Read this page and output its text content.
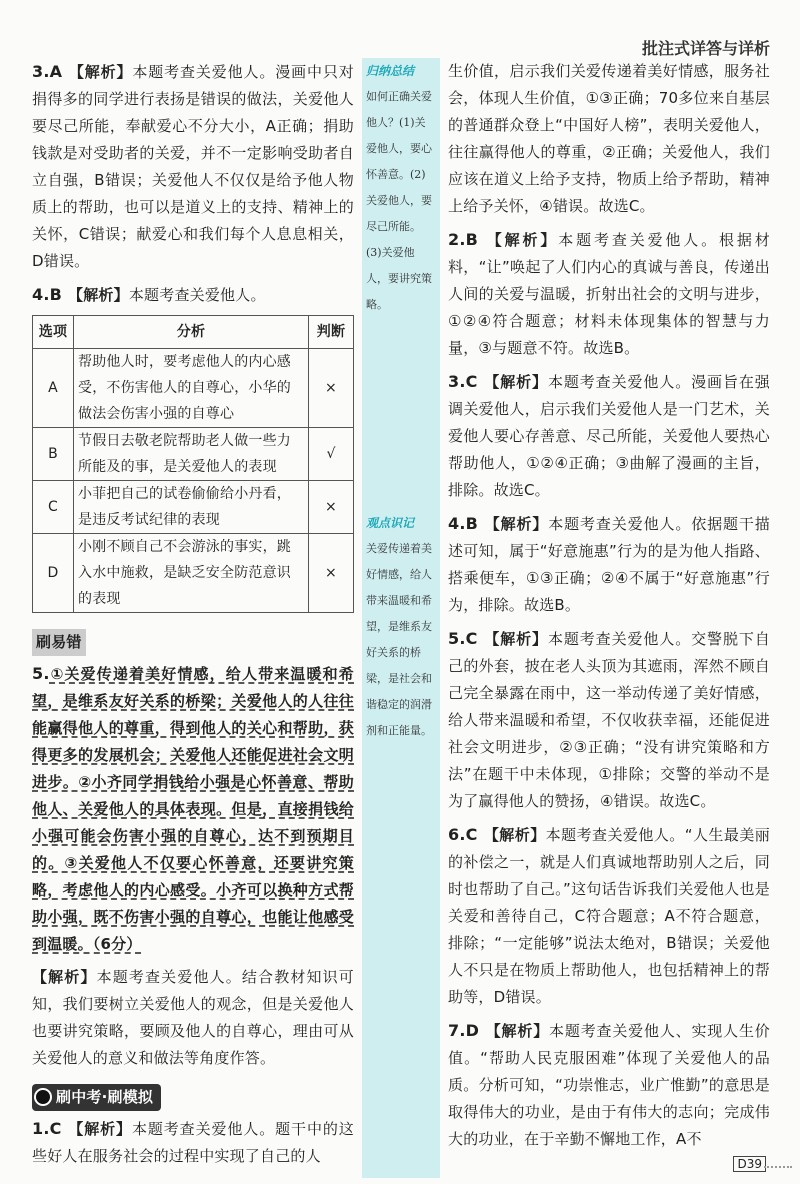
批注式详答与详析
3.A 【解析】本题考查关爱他人。漫画中只对捐得多的同学进行表扬是错误的做法，关爱他人要尽己所能，奉献爱心不分大小，A正确；捐助钱款是对受助者的关爱，并不一定影响受助者自立自强，B错误；关爱他人不仅仅是给予他人物质上的帮助，也可以是道义上的支持、精神上的关怀，C错误；献爱心和我们每个人息息相关，D错误。
4.B 【解析】本题考查关爱他人。
选项	分析	判断
A	帮助他人时，要考虑他人的内心感受，不伤害他人的自尊心，小华的做法会伤害小强的自尊心	×
B	节假日去敬老院帮助老人做一些力所能及的事，是关爱他人的表现	√
C	小菲把自己的试卷偷偷给小丹看，是违反考试纪律的表现	×
D	小刚不顾自己不会游泳的事实，跳入水中施救，是缺乏安全防范意识的表现	×
刷易错
5.①关爱传递着美好情感，给人带来温暖和希望，是维系友好关系的桥梁；关爱他人的人往往能赢得他人的尊重，得到他人的关心和帮助，获得更多的发展机会；关爱他人还能促进社会文明进步。②小齐同学捐钱给小强是心怀善意、帮助他人、关爱他人的具体表现。但是，直接捐钱给小强可能会伤害小强的自尊心，达不到预期目的。③关爱他人不仅要心怀善意，还要讲究策略，考虑他人的内心感受。小齐可以换种方式帮助小强，既不伤害小强的自尊心，也能让他感受到温暖。（6分）
【解析】本题考查关爱他人。结合教材知识可知，我们要树立关爱他人的观念，但是关爱他人也要讲究策略，要顾及他人的自尊心，理由可从关爱他人的意义和做法等角度作答。
刷中考·刷模拟
1.C 【解析】本题考查关爱他人。题干中的这些好人在服务社会的过程中实现了自己的人
归纳总结
如何正确关爱他人？(1)关爱他人，要心怀善意。(2)关爱他人，要尽己所能。(3)关爱他人，要讲究策略。
观点识记
关爱传递着美好情感，给人带来温暖和希望，是维系友好关系的桥梁，是社会和谐稳定的润滑剂和正能量。
生价值，启示我们关爱传递着美好情感，服务社会，体现人生价值，①③正确；70多位来自基层的普通群众登上“中国好人榜”，表明关爱他人，往往赢得他人的尊重，②正确；关爱他人，我们应该在道义上给予支持，物质上给予帮助，精神上给予关怀，④错误。故选C。
2.B 【解析】本题考查关爱他人。根据材料，“让”唤起了人们内心的真诚与善良，传递出人间的关爱与温暖，折射出社会的文明与进步，①②④符合题意；材料未体现集体的智慧与力量，③与题意不符。故选B。
3.C 【解析】本题考查关爱他人。漫画旨在强调关爱他人，启示我们关爱他人是一门艺术，关爱他人要心存善意、尽己所能，关爱他人要热心帮助他人，①②④正确；③曲解了漫画的主旨，排除。故选C。
4.B 【解析】本题考查关爱他人。依据题干描述可知，属于“好意施惠”行为的是为他人指路、搭乘便车，①③正确；②④不属于“好意施惠”行为，排除。故选B。
5.C 【解析】本题考查关爱他人。交警脱下自己的外套，披在老人头顶为其遮雨，浑然不顾自己完全暴露在雨中，这一举动传递了美好情感，给人带来温暖和希望，不仅收获幸福，还能促进社会文明进步，②③正确；“没有讲究策略和方法”在题干中未体现，①排除；交警的举动不是为了赢得他人的赞扬，④错误。故选C。
6.C 【解析】本题考查关爱他人。“人生最美丽的补偿之一，就是人们真诚地帮助别人之后，同时也帮助了自己。”这句话告诉我们关爱他人也是关爱和善待自己，C符合题意；A不符合题意，排除；“一定能够”说法太绝对，B错误；关爱他人不只是在物质上帮助他人，也包括精神上的帮助等，D错误。
7.D 【解析】本题考查关爱他人、实现人生价值。“帮助人民克服困难”体现了关爱他人的品质。分析可知，“功崇惟志，业广惟勤”的意思是取得伟大的功业，是由于有伟大的志向；完成伟大的功业，在于辛勤不懈地工作，A不
D39
